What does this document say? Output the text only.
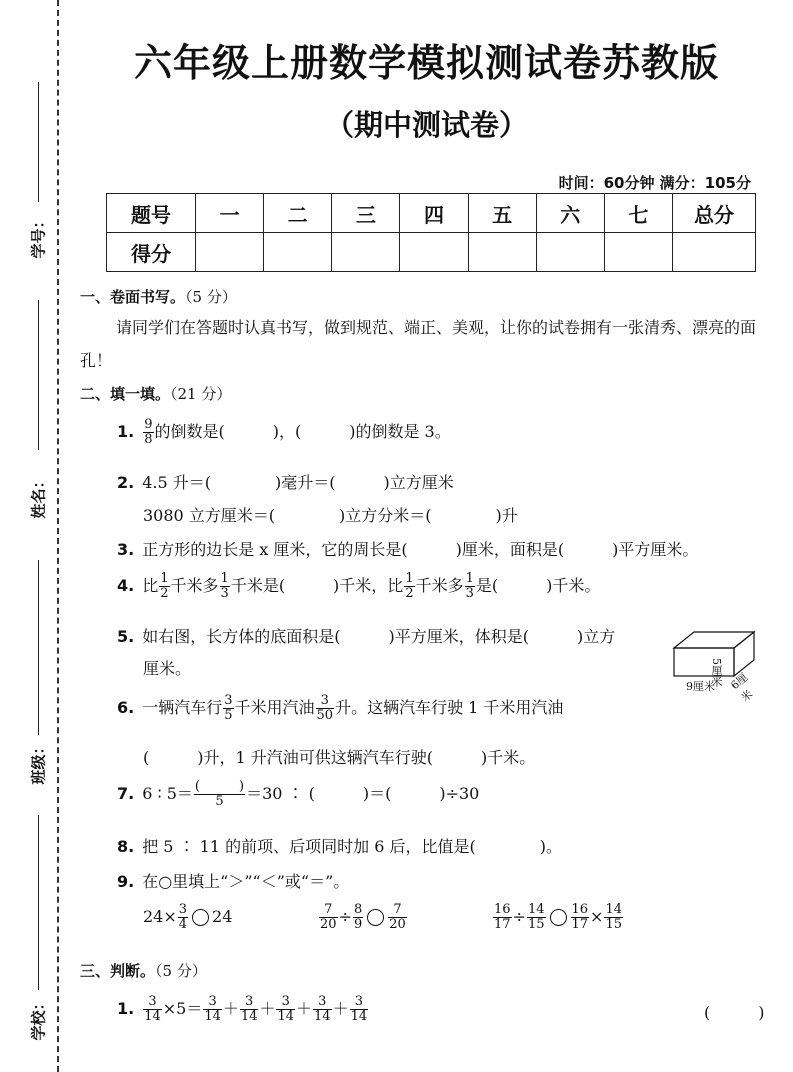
学号：
姓名：
班级：
学校：
六年级上册数学模拟测试卷苏教版
（期中测试卷）
时间：60分钟 满分：105分
题号	一	二	三	四	五	六	七	总分
得分								
一、卷面书写。（5 分）
请同学们在答题时认真书写，做到规范、端正、美观，让你的试卷拥有一张清秀、漂亮的面孔！
二、填一填。（21 分）
1. $\frac{9}{8}$ 的倒数是(　　　)，(　　　)的倒数是 3。
2. 4.5 升＝(　　　　)毫升＝(　　　)立方厘米
3080 立方厘米＝(　　　　)立方分米＝(　　　　)升
3. 正方形的边长是 x 厘米，它的周长是(　　　)厘米，面积是(　　　)平方厘米。
4. 比 $\frac{1}{2}$ 千米多 $\frac{1}{3}$ 千米是(　　　)千米，比 $\frac{1}{2}$ 千米多 $\frac{1}{3}$ 是(　　　)千米。
5. 如右图，长方体的底面积是(　　　)平方厘米，体积是(　　　)立方
厘米。	5厘米
9厘米 6厘米
6. 一辆汽车行 $\frac{3}{5}$ 千米用汽油 $\frac{3}{50}$ 升。这辆汽车行驶 1 千米用汽油
(　　　)升，1 升汽油可供这辆汽车行驶(　　　)千米。
7. 6 ∶ 5＝ (　　　)
5	＝30 ∶ (　　　)＝(　　　)÷30
8. 把 5 ∶ 11 的前项、后项同时加 6 后，比值是(　　　　)。
9. 在○里填上“＞”“＜”或“＝”。
$24\times \frac{3}{4} 24$	$\frac{7}{20} \div \frac{8}{9} \frac{7}{20}$	$\frac{16}{17} \div \frac{14}{15} \frac{16}{17} \times \frac{14}{15}$
三、判断。（5 分）
1. $\frac{3}{14} \times 5= \frac{3}{14} + \frac{3}{14} + \frac{3}{14} + \frac{3}{14} + \frac{3}{14}$	(　　　)
